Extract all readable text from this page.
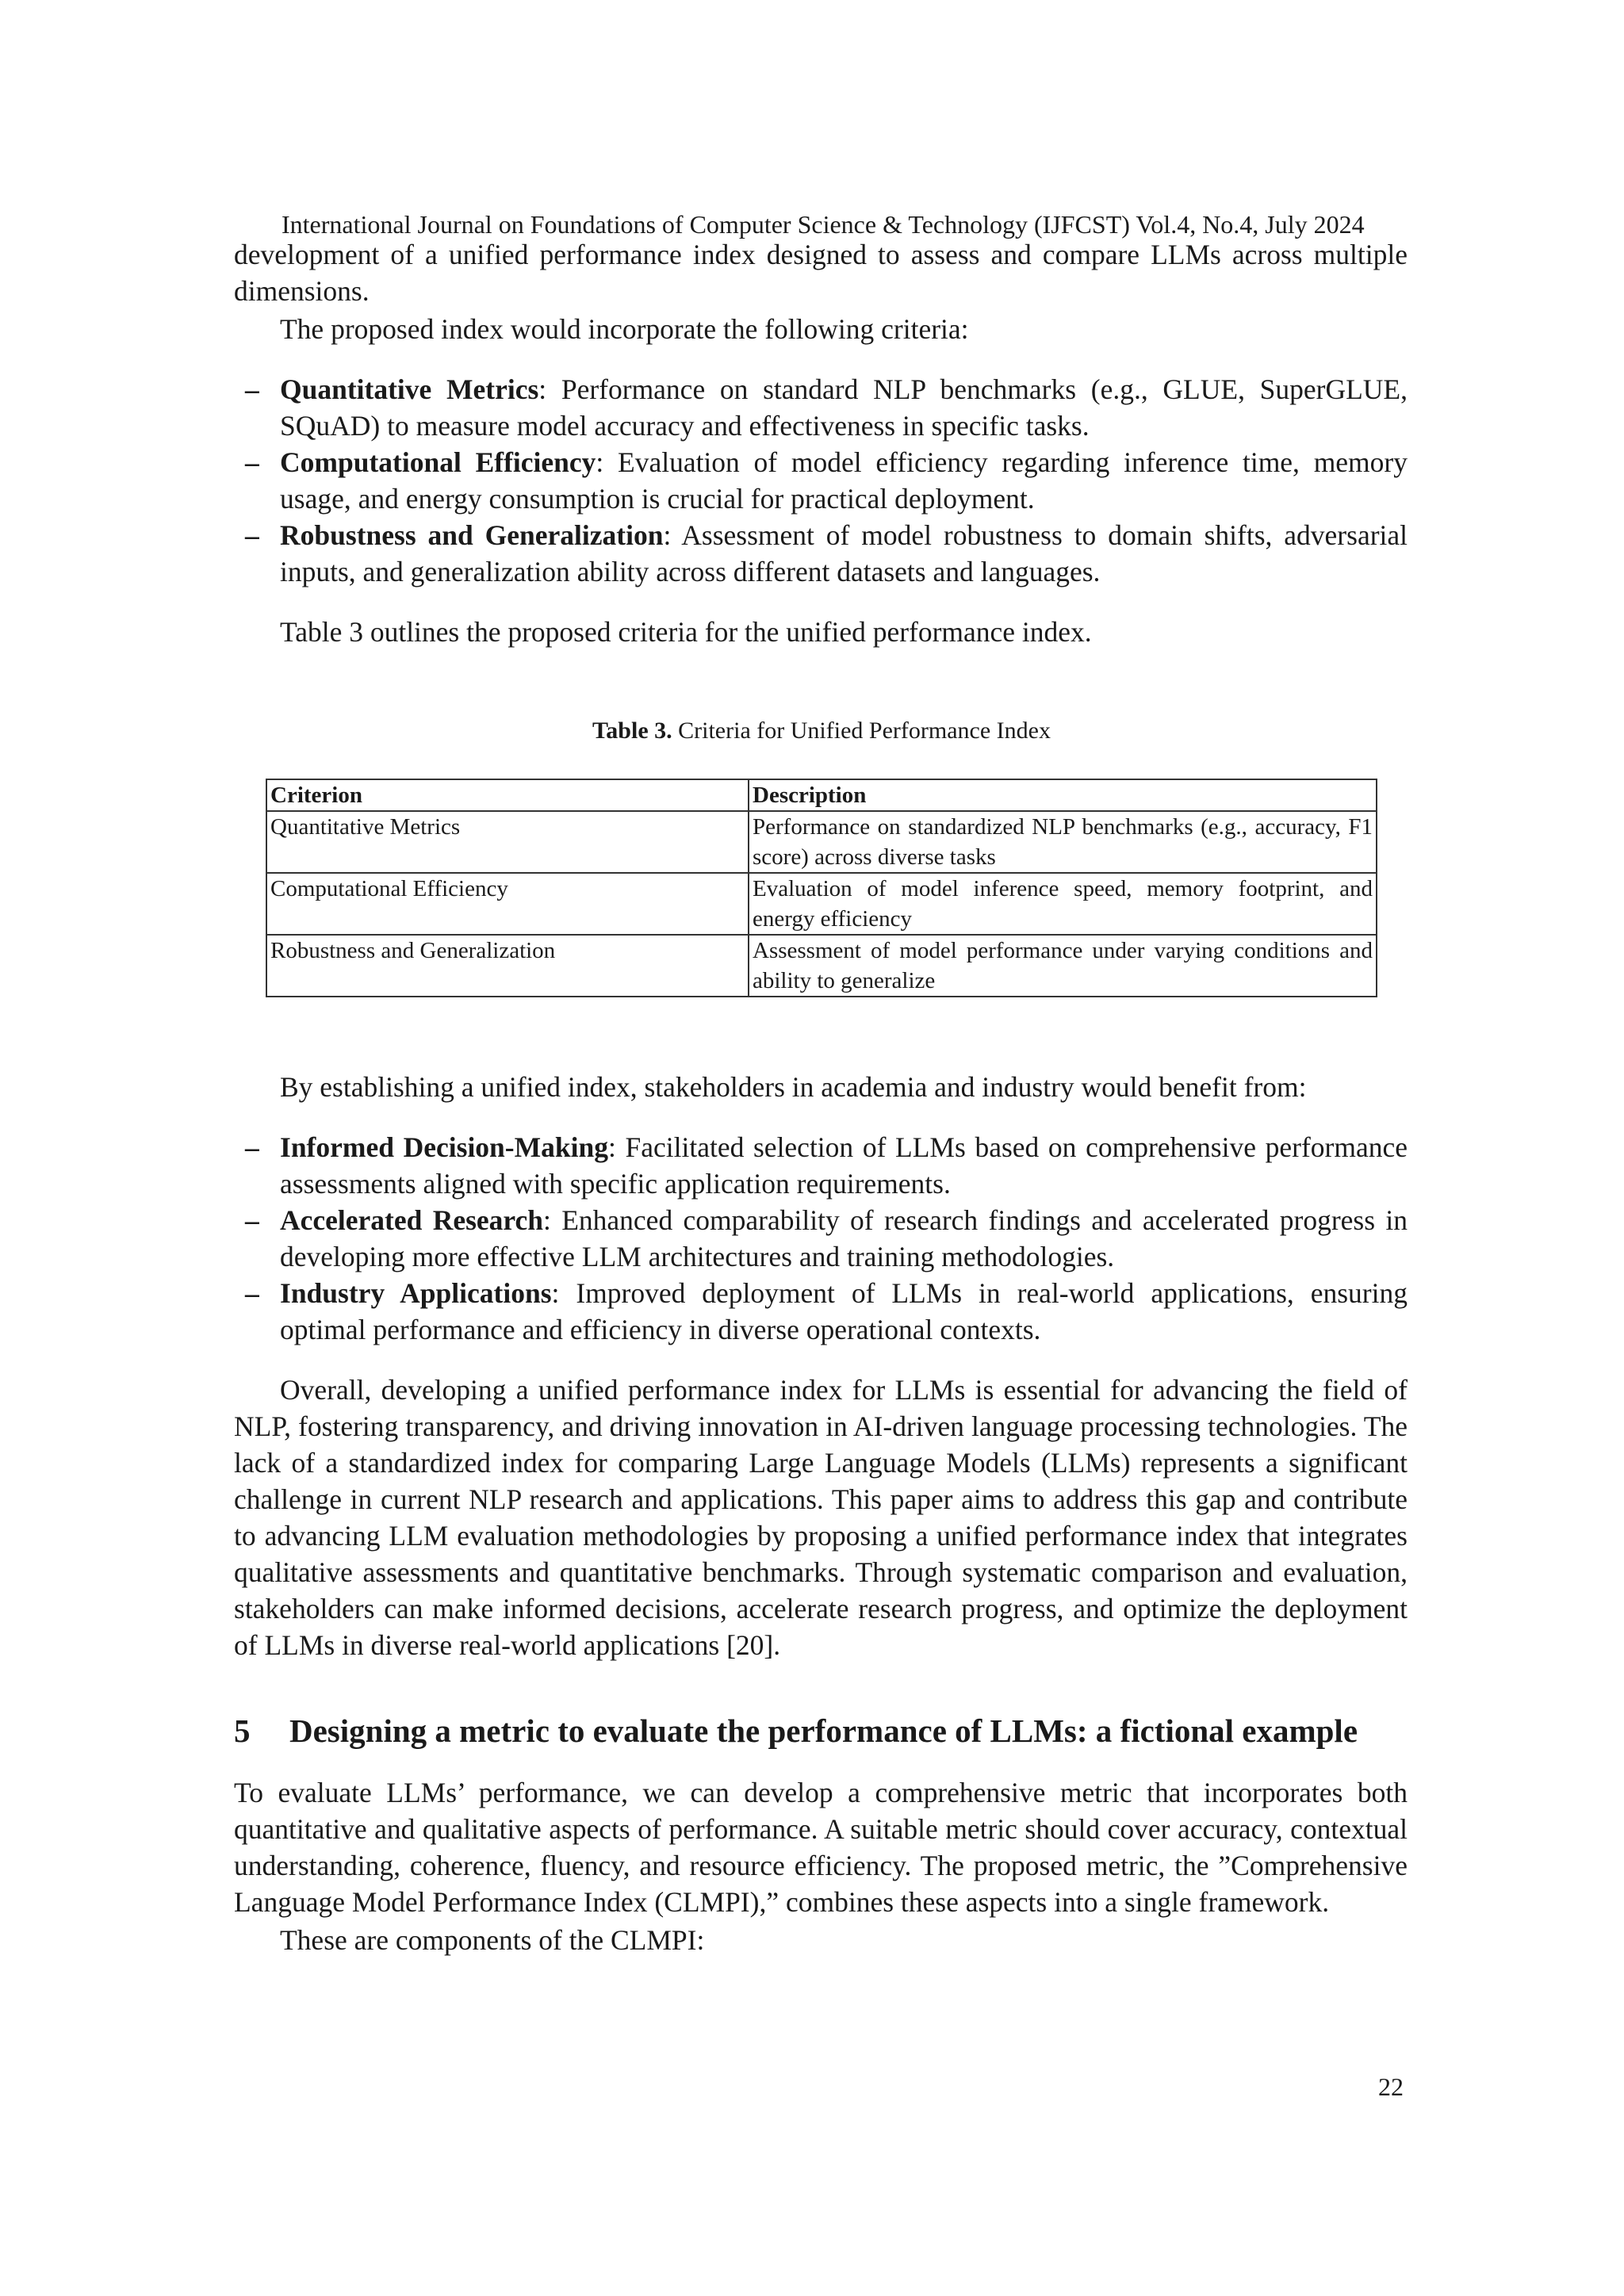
International Journal on Foundations of Computer Science & Technology (IJFCST) Vol.4, No.4, July 2024

development of a unified performance index designed to assess and compare LLMs across multiple dimensions.

The proposed index would incorporate the following criteria:

– Quantitative Metrics: Performance on standard NLP benchmarks (e.g., GLUE, SuperGLUE, SQuAD) to measure model accuracy and effectiveness in specific tasks.
– Computational Efficiency: Evaluation of model efficiency regarding inference time, memory usage, and energy consumption is crucial for practical deployment.
– Robustness and Generalization: Assessment of model robustness to domain shifts, adversarial inputs, and generalization ability across different datasets and languages.

Table 3 outlines the proposed criteria for the unified performance index.

Table 3. Criteria for Unified Performance Index
Criterion	Description
Quantitative Metrics	Performance on standardized NLP benchmarks (e.g., accuracy, F1 score) across diverse tasks
Computational Efficiency	Evaluation of model inference speed, memory footprint, and energy efficiency
Robustness and Generalization	Assessment of model performance under varying conditions and ability to generalize

By establishing a unified index, stakeholders in academia and industry would benefit from:

– Informed Decision-Making: Facilitated selection of LLMs based on comprehensive performance assessments aligned with specific application requirements.
– Accelerated Research: Enhanced comparability of research findings and accelerated progress in developing more effective LLM architectures and training methodologies.
– Industry Applications: Improved deployment of LLMs in real-world applications, ensuring optimal performance and efficiency in diverse operational contexts.

Overall, developing a unified performance index for LLMs is essential for advancing the field of NLP, fostering transparency, and driving innovation in AI-driven language processing technologies. The lack of a standardized index for comparing Large Language Models (LLMs) represents a significant challenge in current NLP research and applications. This paper aims to address this gap and contribute to advancing LLM evaluation methodologies by proposing a unified performance index that integrates qualitative assessments and quantitative benchmarks. Through systematic comparison and evaluation, stakeholders can make informed decisions, accelerate research progress, and optimize the deployment of LLMs in diverse real-world applications [20].

5	Designing a metric to evaluate the performance of LLMs: a fictional example

To evaluate LLMs’ performance, we can develop a comprehensive metric that incorporates both quantitative and qualitative aspects of performance. A suitable metric should cover accuracy, contextual understanding, coherence, fluency, and resource efficiency. The proposed metric, the ”Comprehensive Language Model Performance Index (CLMPI),” combines these aspects into a single framework.

These are components of the CLMPI:

22
